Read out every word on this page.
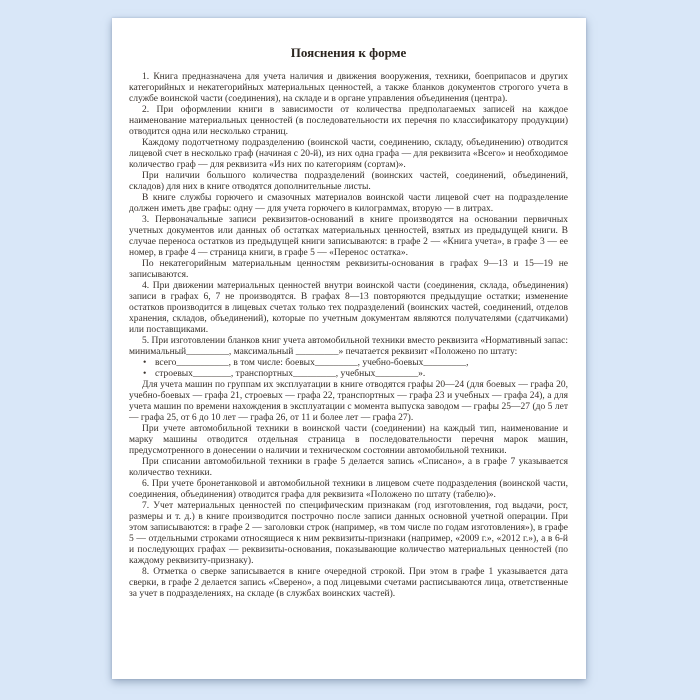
Пояснения к форме

1. Книга предназначена для учета наличия и движения вооружения, техники, боеприпасов и других категорийных и некатегорийных материальных ценностей, а также бланков документов строгого учета в службе воинской части (соединения), на складе и в органе управления объединения (центра).

2. При оформлении книги в зависимости от количества предполагаемых записей на каждое наименование материальных ценностей (в последовательности их перечня по классификатору продукции) отводится одна или несколько страниц.

Каждому подотчетному подразделению (воинской части, соединению, складу, объединению) отводится лицевой счет в несколько граф (начиная с 20-й), из них одна графа — для реквизита «Всего» и необходимое количество граф — для реквизита «Из них по категориям (сортам)».

При наличии большого количества подразделений (воинских частей, соединений, объединений, складов) для них в книге отводятся дополнительные листы.

В книге службы горючего и смазочных материалов воинской части лицевой счет на подразделение должен иметь две графы: одну — для учета горючего в килограммах, вторую — в литрах.

3. Первоначальные записи реквизитов-оснований в книге производятся на основании первичных учетных документов или данных об остатках материальных ценностей, взятых из предыдущей книги. В случае переноса остатков из предыдущей книги записываются: в графе 2 — «Книга учета», в графе 3 — ее номер, в графе 4 — страница книги, в графе 5 — «Перенос остатка».

По некатегорийным материальным ценностям реквизиты-основания в графах 9—13 и 15—19 не записываются.

4. При движении материальных ценностей внутри воинской части (соединения, склада, объединения) записи в графах 6, 7 не производятся. В графах 8—13 повторяются предыдущие остатки; изменение остатков производится в лицевых счетах только тех подразделений (воинских частей, соединений, отделов хранения, складов, объединений), которые по учетным документам являются получателями (сдатчиками) или поставщиками.

5. При изготовлении бланков книг учета автомобильной техники вместо реквизита «Нормативный запас: минимальный_________, максимальный _________» печатается реквизит «Положено по штату:

• всего___________, в том числе: боевых_________, учебно-боевых_________,
• строевых________, транспортных_________, учебных_________».

Для учета машин по группам их эксплуатации в книге отводятся графы 20—24 (для боевых — графа 20, учебно-боевых — графа 21, строевых — графа 22, транспортных — графа 23 и учебных — графа 24), а для учета машин по времени нахождения в эксплуатации с момента выпуска заводом — графы 25—27 (до 5 лет — графа 25, от 6 до 10 лет — графа 26, от 11 и более лет — графа 27).

При учете автомобильной техники в воинской части (соединении) на каждый тип, наименование и марку машины отводится отдельная страница в последовательности перечня марок машин, предусмотренного в донесении о наличии и техническом состоянии автомобильной техники.

При списании автомобильной техники в графе 5 делается запись «Списано», а в графе 7 указывается количество техники.

6. При учете бронетанковой и автомобильной техники в лицевом счете подразделения (воинской части, соединения, объединения) отводится графа для реквизита «Положено по штату (табелю)».

7. Учет материальных ценностей по специфическим признакам (год изготовления, год выдачи, рост, размеры и т. д.) в книге производится построчно после записи данных основной учетной операции. При этом записываются: в графе 2 — заголовки строк (например, «в том числе по годам изготовления»), в графе 5 — отдельными строками относящиеся к ним реквизиты-признаки (например, «2009 г.», «2012 г.»), а в 6-й и последующих графах — реквизиты-основания, показывающие количество материальных ценностей (по каждому реквизиту-признаку).

8. Отметка о сверке записывается в книге очередной строкой. При этом в графе 1 указывается дата сверки, в графе 2 делается запись «Сверено», а под лицевыми счетами расписываются лица, ответственные за учет в подразделениях, на складе (в службах воинских частей).
